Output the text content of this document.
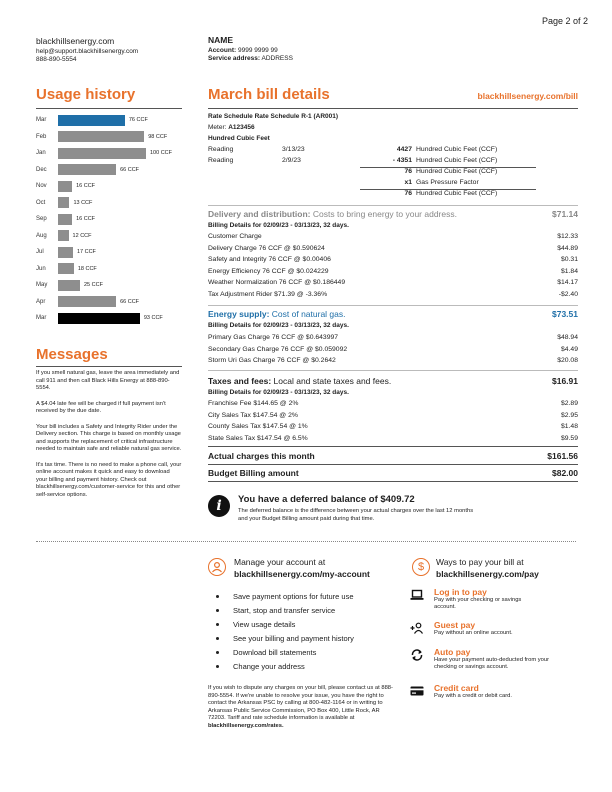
Page 2 of 2
blackhillsenergy.com
help@support.blackhillsenergy.com
888-890-5554
NAME
Account: 9999 9999 99
Service address: ADDRESS
Usage history
Mar	76 CCF
Feb	98 CCF
Jan	100 CCF
Dec	66 CCF
Nov	16 CCF
Oct	13 CCF
Sep	16 CCF
Aug	12 CCF
Jul	17 CCF
Jun	18 CCF
May	25 CCF
Apr	66 CCF
Mar	93 CCF
Messages

If you smell natural gas, leave the area immediately and call 911 and then call Black Hills Energy at 888-890-5554.

A $4.04 late fee will be charged if full payment isn't received by the due date.

Your bill includes a Safety and Integrity Rider under the Delivery section. This charge is based on monthly usage and supports the replacement of critical infrastructure needed to maintain safe and reliable natural gas service.

It's tax time. There is no need to make a phone call, your online account makes it quick and easy to download your billing and payment history. Check out blackhillsenergy.com/customer-service for this and other self-service options.

March bill details	blackhillsenergy.com/bill
Rate Schedule Rate Schedule R-1 (AR001)
Meter: A123456
Hundred Cubic Feet
Reading	3/13/23	4427 Hundred Cubic Feet (CCF)
Reading	2/9/23	- 4351 Hundred Cubic Feet (CCF)
76 Hundred Cubic Feet (CCF)
x1 Gas Pressure Factor
76 Hundred Cubic Feet (CCF)
Delivery and distribution: Costs to bring energy to your address.	$71.14
Billing Details for 02/09/23 - 03/13/23, 32 days.
Customer Charge	$12.33
Delivery Charge 76 CCF @ $0.590624	$44.89
Safety and Integrity 76 CCF @ $0.00406	$0.31
Energy Efficiency 76 CCF @ $0.024229	$1.84
Weather Normalization 76 CCF @ $0.186449	$14.17
Tax Adjustment Rider $71.39 @ -3.36%	-$2.40
Energy supply: Cost of natural gas.	$73.51
Billing Details for 02/09/23 - 03/13/23, 32 days.
Primary Gas Charge 76 CCF @ $0.643997	$48.94
Secondary Gas Charge 76 CCF @ $0.059092	$4.49
Storm Uri Gas Charge 76 CCF @ $0.2642	$20.08
Taxes and fees: Local and state taxes and fees.	$16.91
Billing Details for 02/09/23 - 03/13/23, 32 days.
Franchise Fee $144.65 @ 2%	$2.89
City Sales Tax $147.54 @ 2%	$2.95
County Sales Tax $147.54 @ 1%	$1.48
State Sales Tax $147.54 @ 6.5%	$9.59
Actual charges this month	$161.56
Budget Billing amount	$82.00
i	You have a deferred balance of $409.72
The deferred balance is the difference between your actual charges over the last 12 months and your Budget Billing amount paid during that time.
Manage your account at
blackhillsenergy.com/my-account
Save payment options for future use
Start, stop and transfer service
View usage details
See your billing and payment history
Download bill statements
Change your address
If you wish to dispute any charges on your bill, please contact us at 888-890-5554. If we're unable to resolve your issue, you have the right to contact the Arkansas PSC by calling at 800-482-1164 or in writing to Arkansas Public Service Commission, PO Box 400, Little Rock, AR 72203. Tariff and rate schedule information is available at blackhillsenergy.com/rates.
$	Ways to pay your bill at
blackhillsenergy.com/pay
Log in to pay
Pay with your checking or savings account.
Guest pay
Pay without an online account.
Auto pay
Have your payment auto-deducted from your checking or savings account.
Credit card
Pay with a credit or debit card.
